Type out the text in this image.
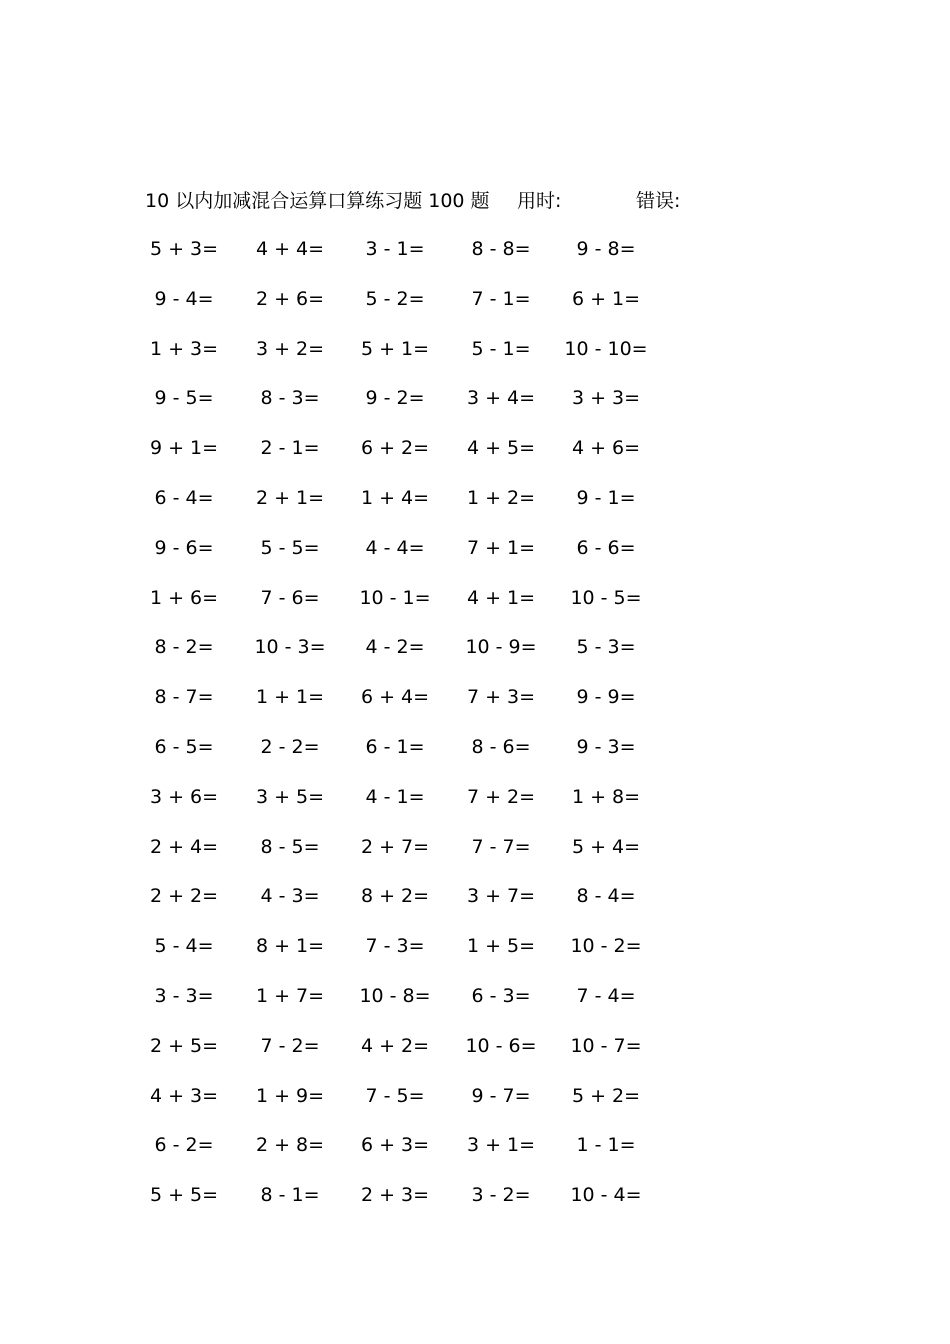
10 以内加减混合运算口算练习题 100 题 用时:	错误:
5 + 3=	4 + 4=	3 - 1=	8 - 8=	9 - 8=
9 - 4=	2 + 6=	5 - 2=	7 - 1=	6 + 1=
1 + 3=	3 + 2=	5 + 1=	5 - 1=	10 - 10=
9 - 5=	8 - 3=	9 - 2=	3 + 4=	3 + 3=
9 + 1=	2 - 1=	6 + 2=	4 + 5=	4 + 6=
6 - 4=	2 + 1=	1 + 4=	1 + 2=	9 - 1=
9 - 6=	5 - 5=	4 - 4=	7 + 1=	6 - 6=
1 + 6=	7 - 6=	10 - 1=	4 + 1=	10 - 5=
8 - 2=	10 - 3=	4 - 2=	10 - 9=	5 - 3=
8 - 7=	1 + 1=	6 + 4=	7 + 3=	9 - 9=
6 - 5=	2 - 2=	6 - 1=	8 - 6=	9 - 3=
3 + 6=	3 + 5=	4 - 1=	7 + 2=	1 + 8=
2 + 4=	8 - 5=	2 + 7=	7 - 7=	5 + 4=
2 + 2=	4 - 3=	8 + 2=	3 + 7=	8 - 4=
5 - 4=	8 + 1=	7 - 3=	1 + 5=	10 - 2=
3 - 3=	1 + 7=	10 - 8=	6 - 3=	7 - 4=
2 + 5=	7 - 2=	4 + 2=	10 - 6=	10 - 7=
4 + 3=	1 + 9=	7 - 5=	9 - 7=	5 + 2=
6 - 2=	2 + 8=	6 + 3=	3 + 1=	1 - 1=
5 + 5=	8 - 1=	2 + 3=	3 - 2=	10 - 4=
